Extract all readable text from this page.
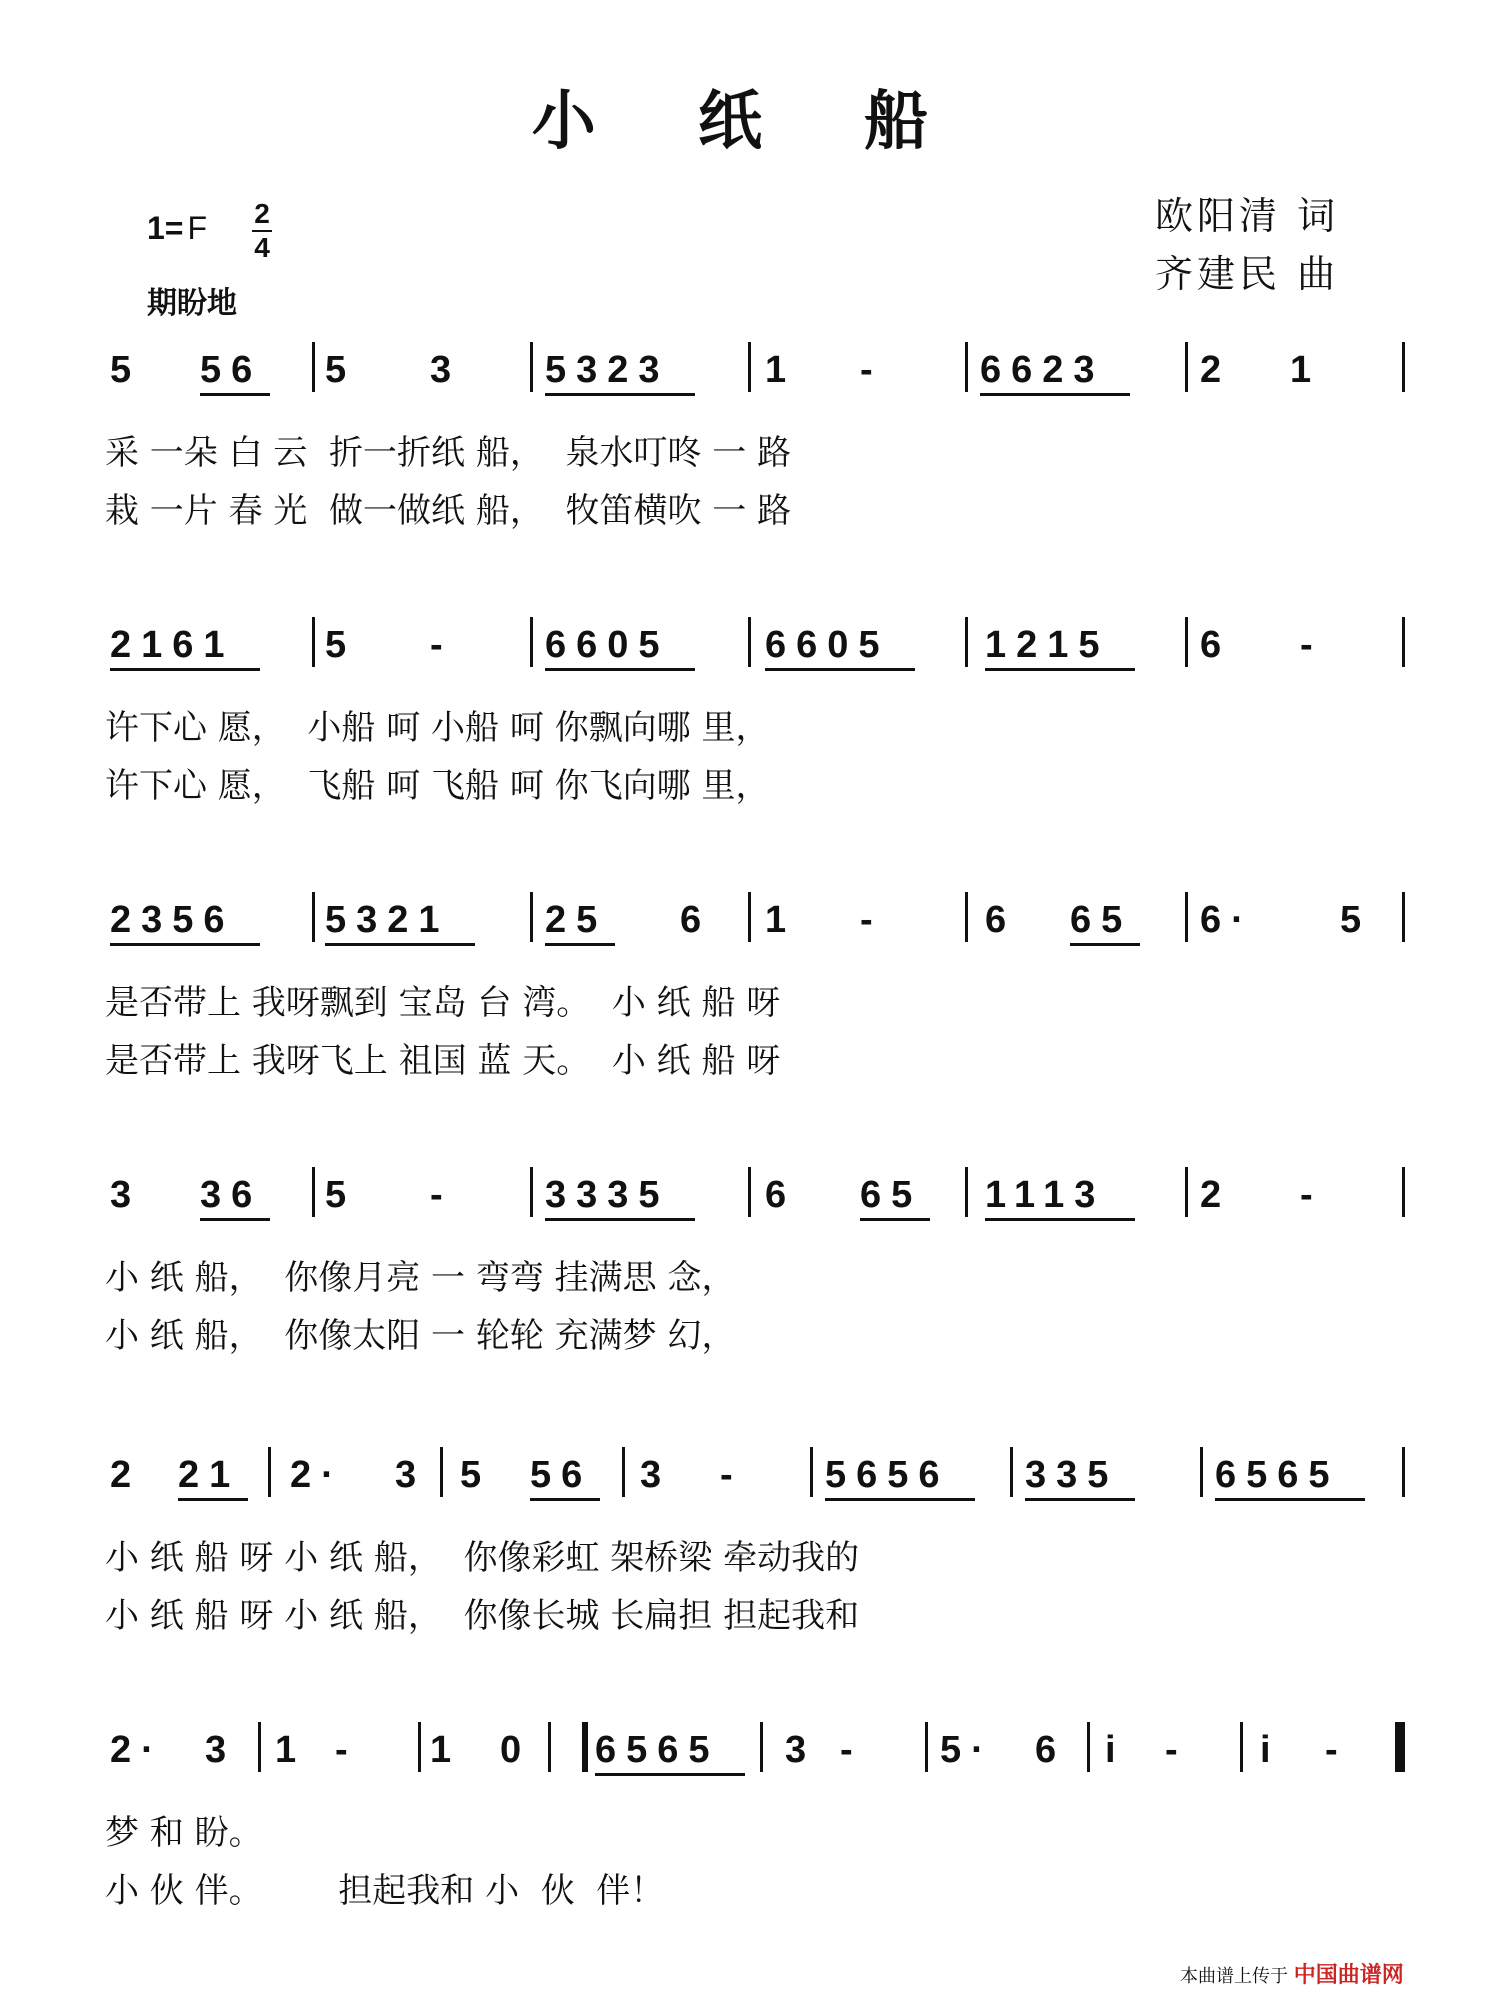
小 纸 船
1= F 2
4
期盼地
欧阳清 词
齐建民 曲
5 56 5 3 5323	1 -	6623	2 1
采 一朵 白 云  折一折纸 船，  泉水叮咚 一 路
栽 一片 春 光  做一做纸 船，  牧笛横吹 一 路
2161 5 - 6605	6605	1215 6 -
许下心 愿，  小船 呵 小船 呵 你飘向哪 里，
许下心 愿，  飞船 呵 飞船 呵 你飞向哪 里，
2356 5321	25 6 1 -	6 65 6· 5
是否带上 我呀飘到 宝岛 台 湾。  小 纸 船 呀
是否带上 我呀飞上 祖国 蓝 天。  小 纸 船 呀
3 36 5 - 3335	6 65 1113 2 -
小 纸 船，  你像月亮 一 弯弯 挂满思 念，
小 纸 船，  你像太阳 一 轮轮 充满梦 幻，
2 21 2· 3 5 56 3 - 5656 335	6565
小 纸 船 呀 小 纸 船，  你像彩虹 架桥梁 牵动我的
小 纸 船 呀 小 纸 船，  你像长城 长扁担 担起我和
2· 3 1 - 1 0 6565 3 - 5· 6 i - i -
梦 和 盼。
小 伙 伴。       担起我和 小  伙  伴！
本曲谱上传于 中国曲谱网
